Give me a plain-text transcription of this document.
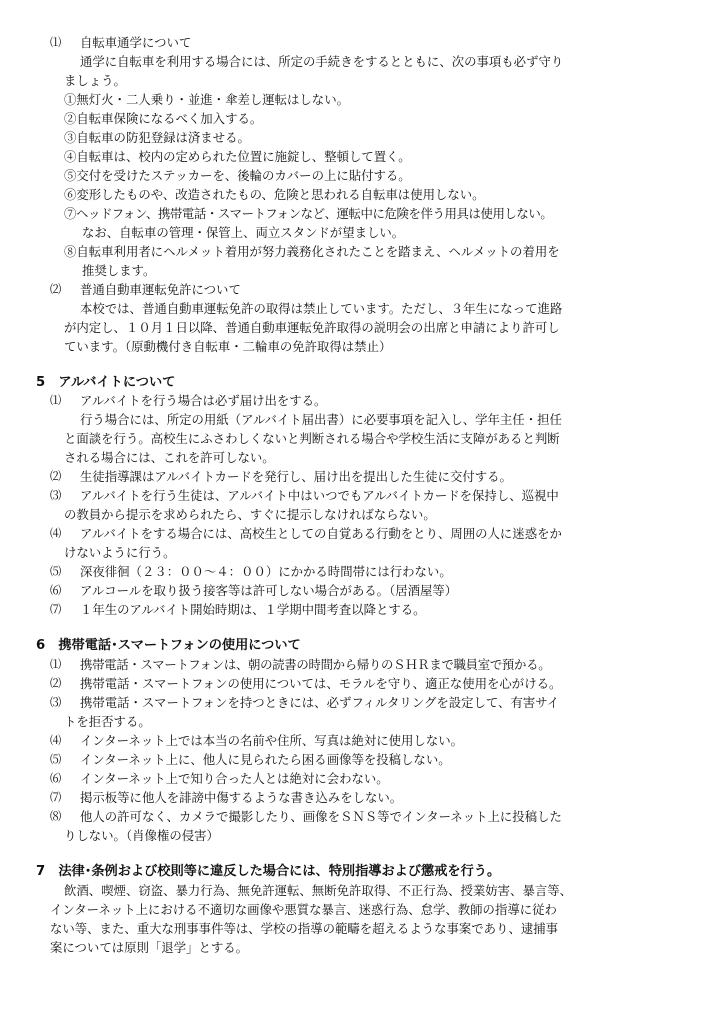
⑴ 自転車通学について
通学に自転車を利用する場合には、所定の手続きをするとともに、次の事項も必ず守り
ましょう。
①無灯火・二人乗り・並進・傘差し運転はしない。
②自転車保険になるべく加入する。
③自転車の防犯登録は済ませる。
④自転車は、校内の定められた位置に施錠し、整頓して置く。
⑤交付を受けたステッカーを、後輪のカバーの上に貼付する。
⑥変形したものや、改造されたもの、危険と思われる自転車は使用しない。
⑦ヘッドフォン、携帯電話・スマートフォンなど、運転中に危険を伴う用具は使用しない。
なお、自転車の管理・保管上、両立スタンドが望ましい。
⑧自転車利用者にヘルメット着用が努力義務化されたことを踏まえ、ヘルメットの着用を
推奨します。
⑵ 普通自動車運転免許について
本校では、普通自動車運転免許の取得は禁止しています。ただし、３年生になって進路
が内定し、１０月１日以降、普通自動車運転免許取得の説明会の出席と申請により許可し
ています。（原動機付き自転車・二輪車の免許取得は禁止）
5　アルバイトについて
⑴ アルバイトを行う場合は必ず届け出をする。
行う場合には、所定の用紙（アルバイト届出書）に必要事項を記入し、学年主任・担任
と面談を行う。高校生にふさわしくないと判断される場合や学校生活に支障があると判断
される場合には、これを許可しない。
⑵ 生徒指導課はアルバイトカードを発行し、届け出を提出した生徒に交付する。
⑶ アルバイトを行う生徒は、アルバイト中はいつでもアルバイトカードを保持し、巡視中
の教員から提示を求められたら、すぐに提示しなければならない。
⑷ アルバイトをする場合には、高校生としての自覚ある行動をとり、周囲の人に迷惑をか
けないように行う。
⑸ 深夜徘徊（２３：００～４：００）にかかる時間帯には行わない。
⑹ アルコールを取り扱う接客等は許可しない場合がある。（居酒屋等）
⑺ １年生のアルバイト開始時期は、１学期中間考査以降とする。
6　携帯電話･スマートフォンの使用について
⑴ 携帯電話・スマートフォンは、朝の読書の時間から帰りのＳＨＲまで職員室で預かる。
⑵ 携帯電話・スマートフォンの使用については、モラルを守り、適正な使用を心がける。
⑶ 携帯電話・スマートフォンを持つときには、必ずフィルタリングを設定して、有害サイ
トを拒否する。
⑷ インターネット上では本当の名前や住所、写真は絶対に使用しない。
⑸ インターネット上に、他人に見られたら困る画像等を投稿しない。
⑹ インターネット上で知り合った人とは絶対に会わない。
⑺ 掲示板等に他人を誹謗中傷するような書き込みをしない。
⑻ 他人の許可なく、カメラで撮影したり、画像をＳＮＳ等でインターネット上に投稿した
りしない。（肖像権の侵害）
7　法律･条例および校則等に違反した場合には、特別指導および懲戒を行う。
飲酒、喫煙、窃盗、暴力行為、無免許運転、無断免許取得、不正行為、授業妨害、暴言等、
インターネット上における不適切な画像や悪質な暴言、迷惑行為、怠学、教師の指導に従わ
ない等、また、重大な刑事事件等は、学校の指導の範疇を超えるような事案であり、逮捕事
案については原則「退学」とする。
